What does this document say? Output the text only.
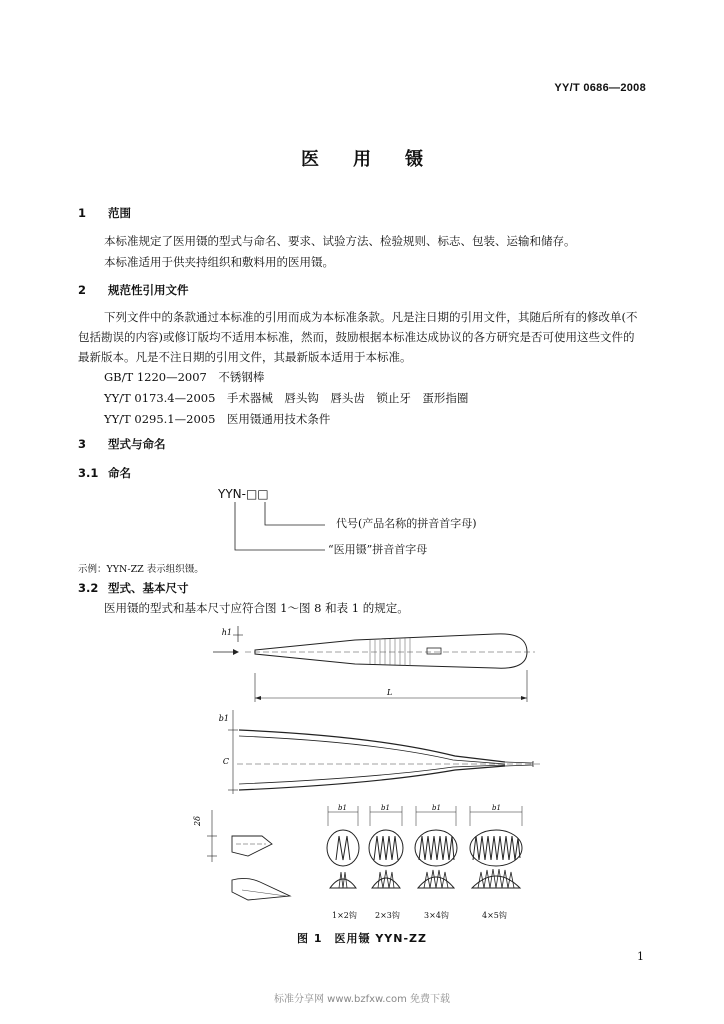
YY/T 0686—2008
医用镊
1 范围
本标准规定了医用镊的型式与命名、要求、试验方法、检验规则、标志、包装、运输和储存。
本标准适用于供夹持组织和敷料用的医用镊。
2 规范性引用文件
下列文件中的条款通过本标准的引用而成为本标准条款。凡是注日期的引用文件，其随后所有的修改单(不包括勘误的内容)或修订版均不适用本标准，然而，鼓励根据本标准达成协议的各方研究是否可使用这些文件的最新版本。凡是不注日期的引用文件，其最新版本适用于本标准。
GB/T 1220—2007　不锈钢棒
YY/T 0173.4—2005　手术器械　唇头钩　唇头齿　锁止牙　蛋形指圈
YY/T 0295.1—2005　医用镊通用技术条件
3 型式与命名
3.1 命名
YYN-□□
代号(产品名称的拼音首字母)
“医用镊”拼音首字母
示例：YYN-ZZ 表示组织镊。
3.2 型式、基本尺寸
医用镊的型式和基本尺寸应符合图 1～图 8 和表 1 的规定。
h1
L
b1
C
2δ
b1	b1	b1	b1
1×2钩 2×3钩	3×4钩	4×5钩
图 1　医用镊 YYN-ZZ
1
标准分享网 www.bzfxw.com 免费下载
